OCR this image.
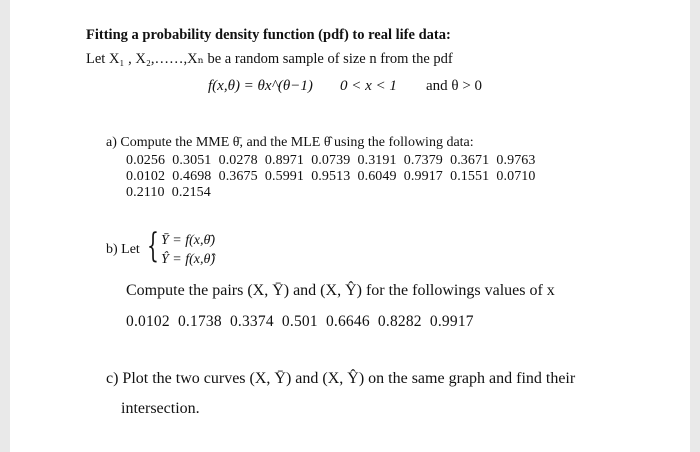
Fitting a probability density function (pdf) to real life data:
Let X₁ , X₂,……,Xₙ be a random sample of size n from the pdf
f(x,θ) = θx^(θ−1) 0 < x < 1 and θ > 0
a) Compute the MME θ̄, and the MLE θ̂ using the following data:
0.0256  0.3051  0.0278  0.8971  0.0739  0.3191  0.7379  0.3671  0.9763
0.0102  0.4698  0.3675  0.5991  0.9513  0.6049  0.9917  0.1551  0.0710
0.2110  0.2154
b) Let { Ȳ = f(x,θ̄)
Ŷ = f(x,θ̂)
Compute the pairs (X, Ȳ) and (X, Ŷ) for the followings values of x
0.0102  0.1738  0.3374  0.501  0.6646  0.8282  0.9917
c) Plot the two curves (X, Ȳ) and (X, Ŷ) on the same graph and find their
intersection.
